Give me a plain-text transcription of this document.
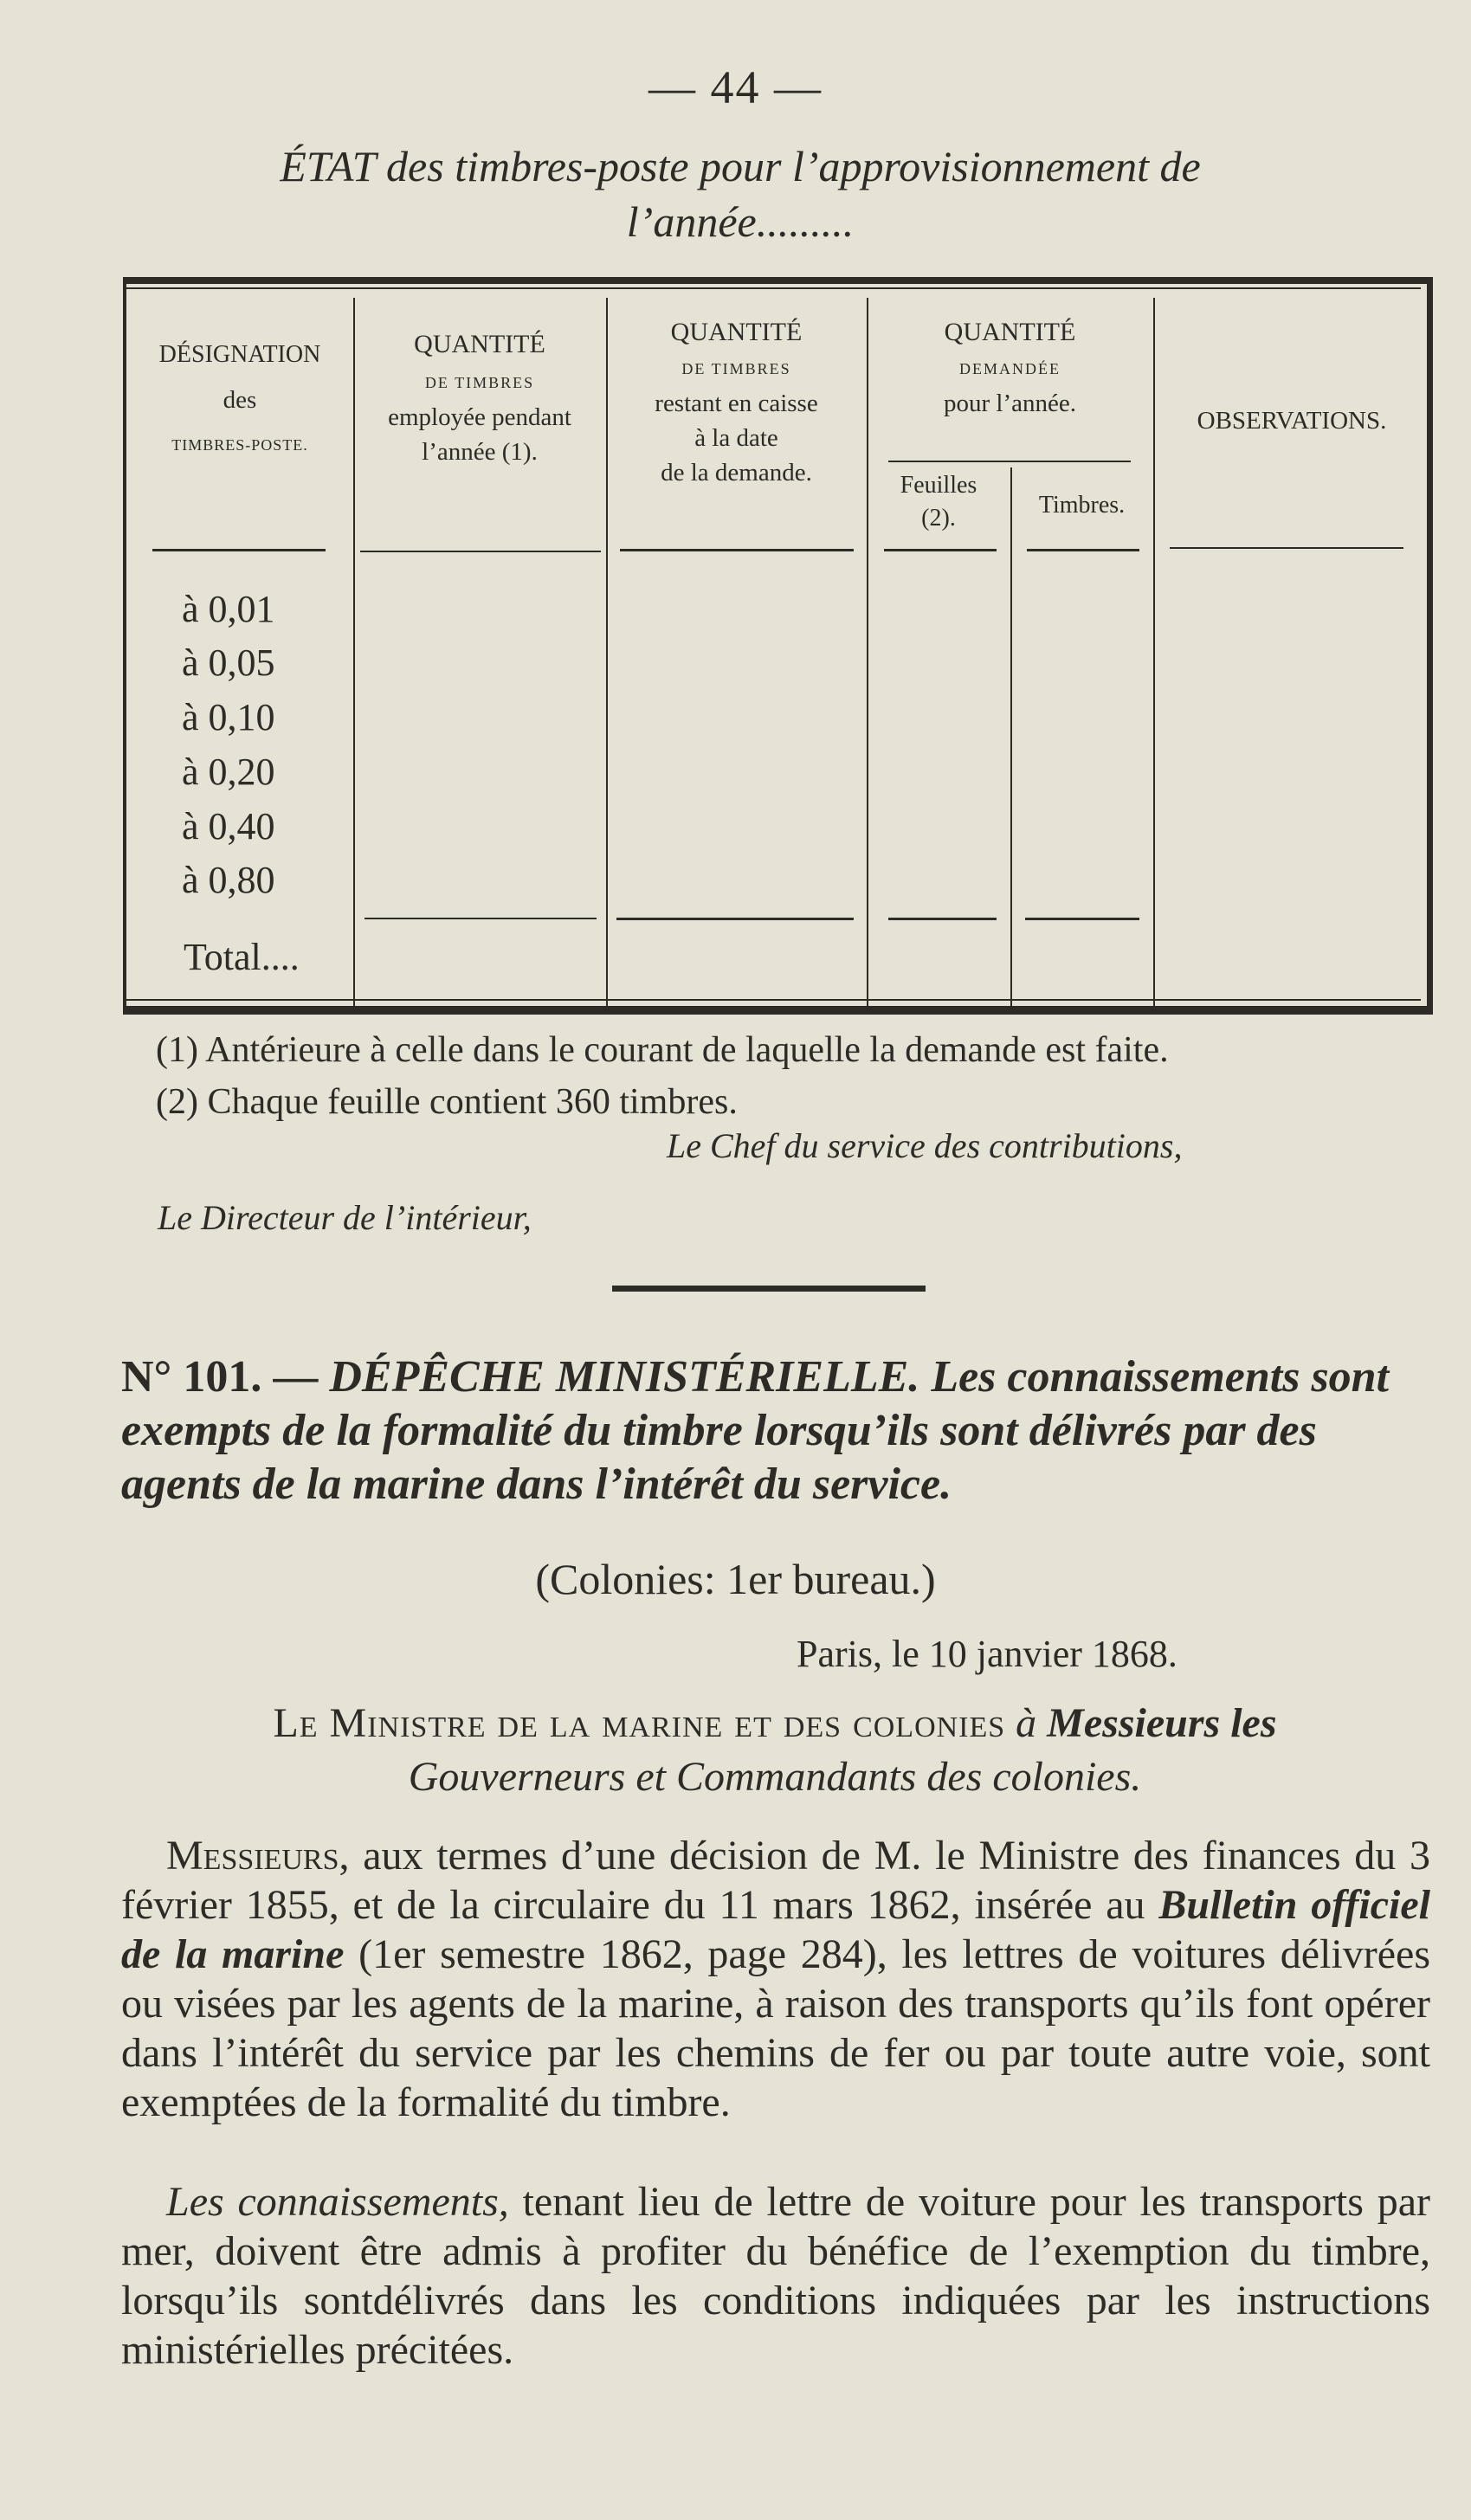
— 44 —
ÉTAT des timbres-poste pour l’approvisionnement de
l’année.........
DÉSIGNATION
des
TIMBRES-POSTE.
QUANTITÉ
DE TIMBRES
employée pendant
l’année (1).
QUANTITÉ
DE TIMBRES
restant en caisse
à la date
de la demande.
QUANTITÉ
DEMANDÉE
pour l’année.
Feuilles
(2).	Timbres.
OBSERVATIONS.
à 0,01
à 0,05
à 0,10
à 0,20
à 0,40
à 0,80
Total....
(1) Antérieure à celle dans le courant de laquelle la demande est faite.
(2) Chaque feuille contient 360 timbres.
Le Chef du service des contributions,
Le Directeur de l’intérieur,
N° 101. — DÉPÊCHE MINISTÉRIELLE. Les connaissements sont exempts de la formalité du timbre lorsqu’ils sont délivrés par des agents de la marine dans l’intérêt du service.
(Colonies: 1er bureau.)
Paris, le 10 janvier 1868.
Le Ministre de la marine et des colonies à Messieurs les
Gouverneurs et Commandants des colonies.
Messieurs, aux termes d’une décision de M. le Ministre des finances du 3 février 1855, et de la circulaire du 11 mars 1862, insérée au Bulletin officiel de la marine (1er semestre 1862, page 284), les lettres de voitures délivrées ou visées par les agents de la marine, à raison des transports qu’ils font opérer dans l’intérêt du service par les chemins de fer ou par toute autre voie, sont exemptées de la formalité du timbre.
Les connaissements, tenant lieu de lettre de voiture pour les transports par mer, doivent être admis à profiter du bénéfice de l’exemption du timbre, lorsqu’ils sontdélivrés dans les conditions indiquées par les instructions ministérielles précitées.
